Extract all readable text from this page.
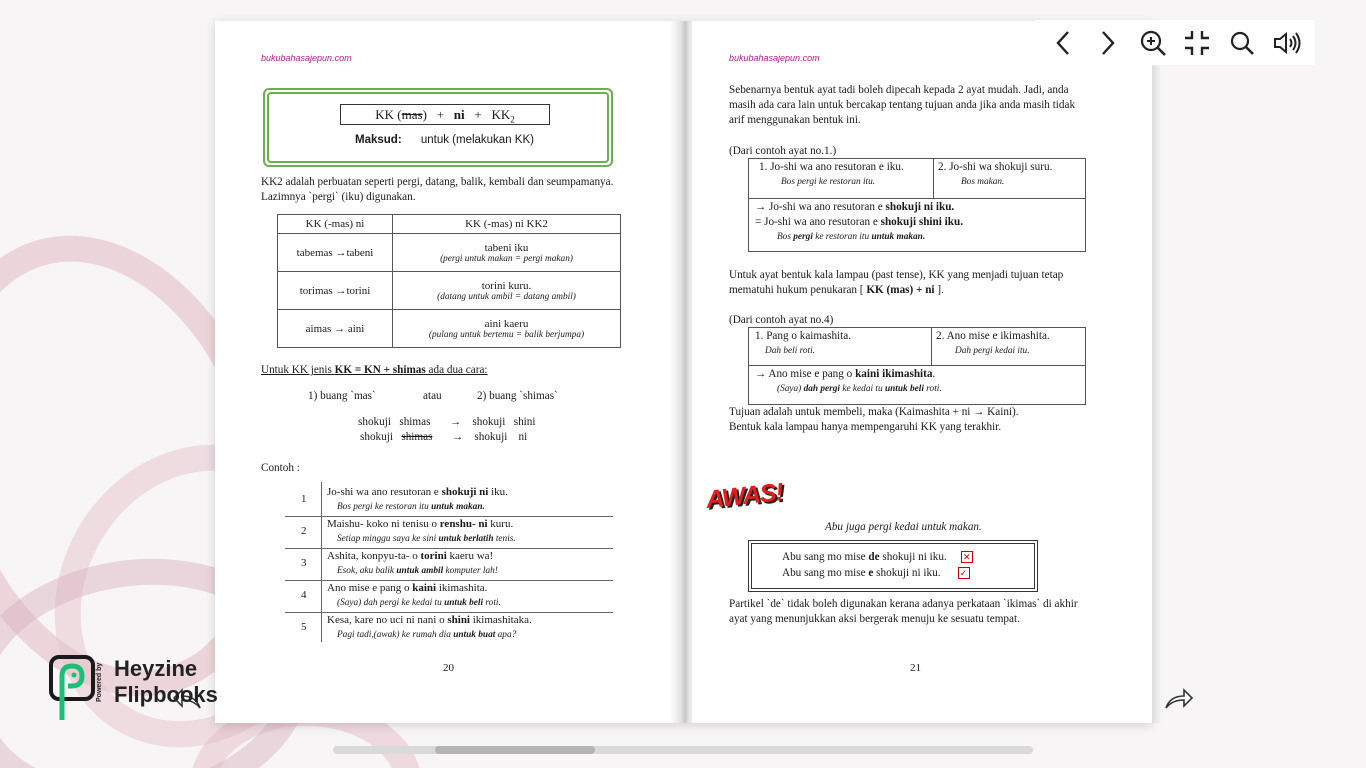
bukubahasajepun.com
KK (mas) + ni + $KK_2$
Maksud: untuk (melakukan KK)
KK2 adalah perbuatan seperti pergi, datang, balik, kembali dan seumpamanya.
Lazimnya `pergi` (iku) digunakan.
KK (-mas) ni	KK (-mas) ni KK2
tabemas →tabeni	tabeni iku
(pergi untuk makan = pergi makan)

torimas →torini	torini kuru.
(datang untuk ambil = datang ambil)

aimas → aini	aini kaeru
(pulang untuk bertemu = balik berjumpa)
Untuk KK jenis KK = KN + shimas ada dua cara:
1) buang `mas`	atau	2) buang `shimas`
shokuji shimas → shokuji shini
shokuji shimas → shokuji ni
Contoh :
1
Jo-shi wa ano resutoran e shokuji ni iku.
Bos pergi ke restoran itu untuk makan.
2
Maishu- koko ni tenisu o renshu- ni kuru.
Setiap minggu saya ke sini untuk berlatih tenis.
3
Ashita, konpyu-ta- o torini kaeru wa!
Esok, aku balik untuk ambil komputer lah!
4
Ano mise e pang o kaini ikimashita.
(Saya) dah pergi ke kedai tu untuk beli roti.
5
Kesa, kare no uci ni nani o shini ikimashitaka.
Pagi tadi,(awak) ke rumah dia untuk buat apa?
20
bukubahasajepun.com
Sebenarnya bentuk ayat tadi boleh dipecah kepada 2 ayat mudah. Jadi, anda
masih ada cara lain untuk bercakap tentang tujuan anda jika anda masih tidak
arif menggunakan bentuk ini.
(Dari contoh ayat no.1.)
1. Jo-shi wa ano resutoran e iku.
Bos pergi ke restoran itu.
2. Jo-shi wa shokuji suru.
Bos makan.
→ Jo-shi wa ano resutoran e shokuji ni iku.
= Jo-shi wa ano resutoran e shokuji shini iku.
Bos pergi ke restoran itu untuk makan.
Untuk ayat bentuk kala lampau (past tense), KK yang menjadi tujuan tetap
mematuhi hukum penukaran [ KK (mas) + ni ].
(Dari contoh ayat no.4)
1. Pang o kaimashita.
Dah beli roti.
2. Ano mise e ikimashita.
Dah pergi kedai itu.
→ Ano mise e pang o kaini ikimashita.
(Saya) dah pergi ke kedai tu untuk beli roti.
Tujuan adalah untuk membeli, maka (Kaimashita + ni → Kaini).
Bentuk kala lampau hanya mempengaruhi KK yang terakhir.
AWAS!
Abu juga pergi kedai untuk makan.
Abu sang mo mise de shokuji ni iku. ✕
Abu sang mo mise e shokuji ni iku. ✓
Partikel `de` tidak boleh digunakan kerana adanya perkataan `ikimas` di akhir
ayat yang menunjukkan aksi bergerak menuju ke sesuatu tempat.
21
Powered by Heyzine
Flipbooks
